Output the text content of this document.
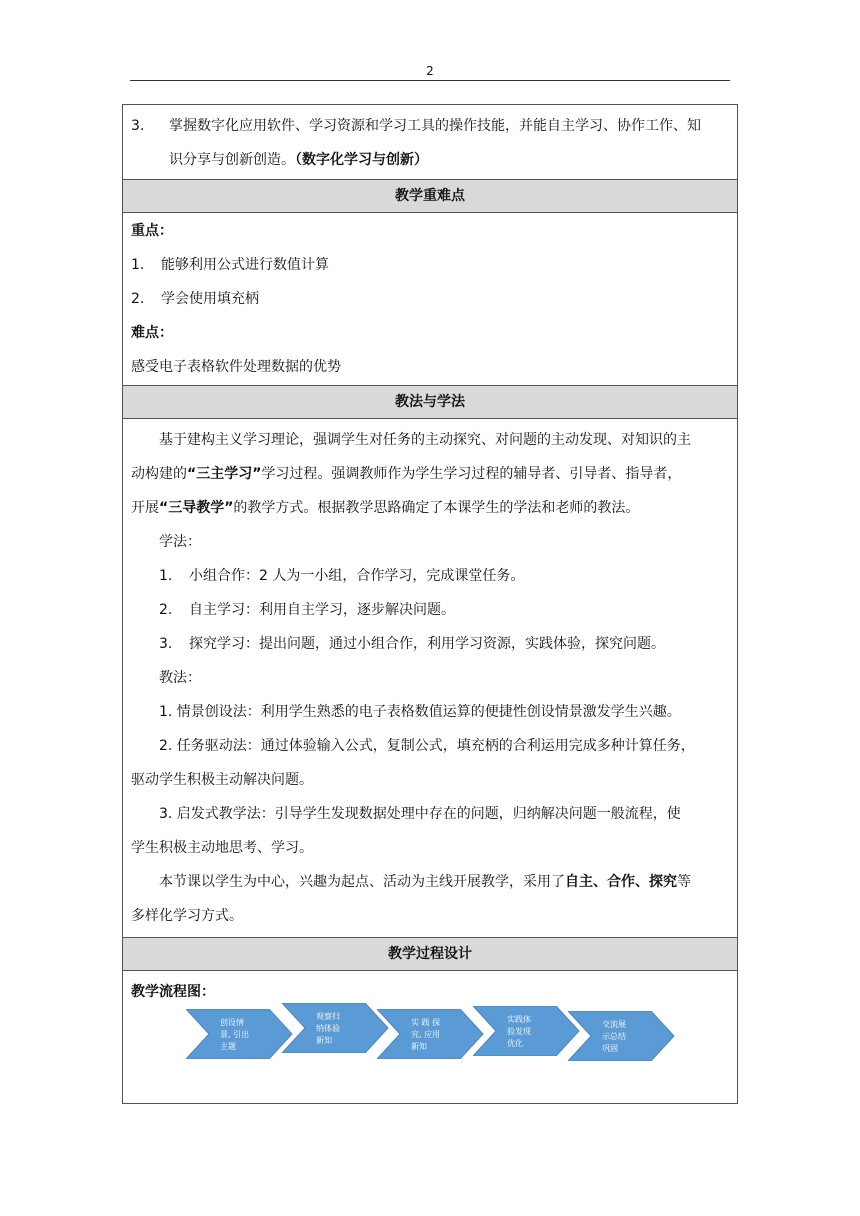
2
3. 掌握数字化应用软件、学习资源和学习工具的操作技能，并能自主学习、协作工作、知
识分享与创新创造。（数字化学习与创新）

教学重难点

重点：
1. 能够利用公式进行数值计算
2. 学会使用填充柄
难点：
感受电子表格软件处理数据的优势

教法与学法

基于建构主义学习理论，强调学生对任务的主动探究、对问题的主动发现、对知识的主
动构建的“三主学习”学习过程。强调教师作为学生学习过程的辅导者、引导者、指导者，
开展“三导教学”的教学方式。根据教学思路确定了本课学生的学法和老师的教法。
学法：
1. 小组合作：2 人为一小组，合作学习，完成课堂任务。
2. 自主学习：利用自主学习，逐步解决问题。
3. 探究学习：提出问题，通过小组合作，利用学习资源，实践体验，探究问题。
教法：
1. 情景创设法：利用学生熟悉的电子表格数值运算的便捷性创设情景激发学生兴趣。
2. 任务驱动法：通过体验输入公式，复制公式，填充柄的合利运用完成多种计算任务，
驱动学生积极主动解决问题。
3. 启发式教学法：引导学生发现数据处理中存在的问题，归纳解决问题一般流程，使
学生积极主动地思考、学习。
本节课以学生为中心，兴趣为起点、活动为主线开展教学，采用了自主、合作、探究等
多样化学习方式。

教学过程设计

教学流程图：
创设情
景, 引出
主题
观察归
纳体验
新知
实 践 探
究, 应用
新知
实践体
验发现
优化
交流展
示总结
巩固
